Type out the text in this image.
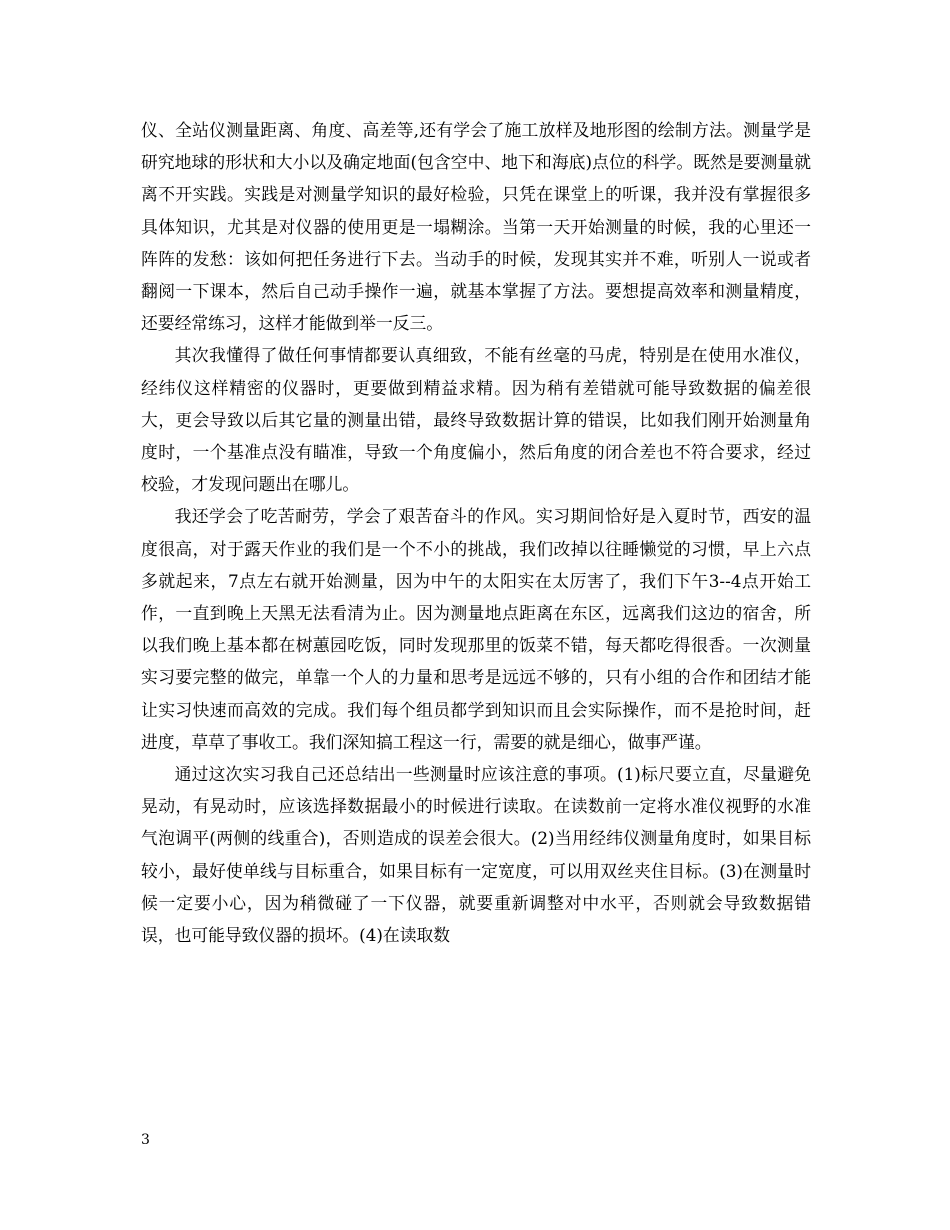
仪、全站仪测量距离、角度、高差等,还有学会了施工放样及地形图的绘制方法。测量学是研究地球的形状和大小以及确定地面(包含空中、地下和海底)点位的科学。既然是要测量就离不开实践。实践是对测量学知识的最好检验，只凭在课堂上的听课，我并没有掌握很多具体知识，尤其是对仪器的使用更是一塌糊涂。当第一天开始测量的时候，我的心里还一阵阵的发愁：该如何把任务进行下去。当动手的时候，发现其实并不难，听别人一说或者翻阅一下课本，然后自己动手操作一遍，就基本掌握了方法。要想提高效率和测量精度，还要经常练习，这样才能做到举一反三。

其次我懂得了做任何事情都要认真细致，不能有丝毫的马虎，特别是在使用水准仪，经纬仪这样精密的仪器时，更要做到精益求精。因为稍有差错就可能导致数据的偏差很大，更会导致以后其它量的测量出错，最终导致数据计算的错误，比如我们刚开始测量角度时，一个基准点没有瞄准，导致一个角度偏小，然后角度的闭合差也不符合要求，经过校验，才发现问题出在哪儿。

我还学会了吃苦耐劳，学会了艰苦奋斗的作风。实习期间恰好是入夏时节，西安的温度很高，对于露天作业的我们是一个不小的挑战，我们改掉以往睡懒觉的习惯，早上六点多就起来，7点左右就开始测量，因为中午的太阳实在太厉害了，我们下午3--4点开始工作，一直到晚上天黑无法看清为止。因为测量地点距离在东区，远离我们这边的宿舍，所以我们晚上基本都在树蕙园吃饭，同时发现那里的饭菜不错，每天都吃得很香。一次测量实习要完整的做完，单靠一个人的力量和思考是远远不够的，只有小组的合作和团结才能让实习快速而高效的完成。我们每个组员都学到知识而且会实际操作，而不是抢时间，赶进度，草草了事收工。我们深知搞工程这一行，需要的就是细心，做事严谨。

通过这次实习我自己还总结出一些测量时应该注意的事项。(1)标尺要立直，尽量避免晃动，有晃动时，应该选择数据最小的时候进行读取。在读数前一定将水准仪视野的水准气泡调平(两侧的线重合)，否则造成的误差会很大。(2)当用经纬仪测量角度时，如果目标较小，最好使单线与目标重合，如果目标有一定宽度，可以用双丝夹住目标。(3)在测量时候一定要小心，因为稍微碰了一下仪器，就要重新调整对中水平，否则就会导致数据错误，也可能导致仪器的损坏。(4)在读取数

3
